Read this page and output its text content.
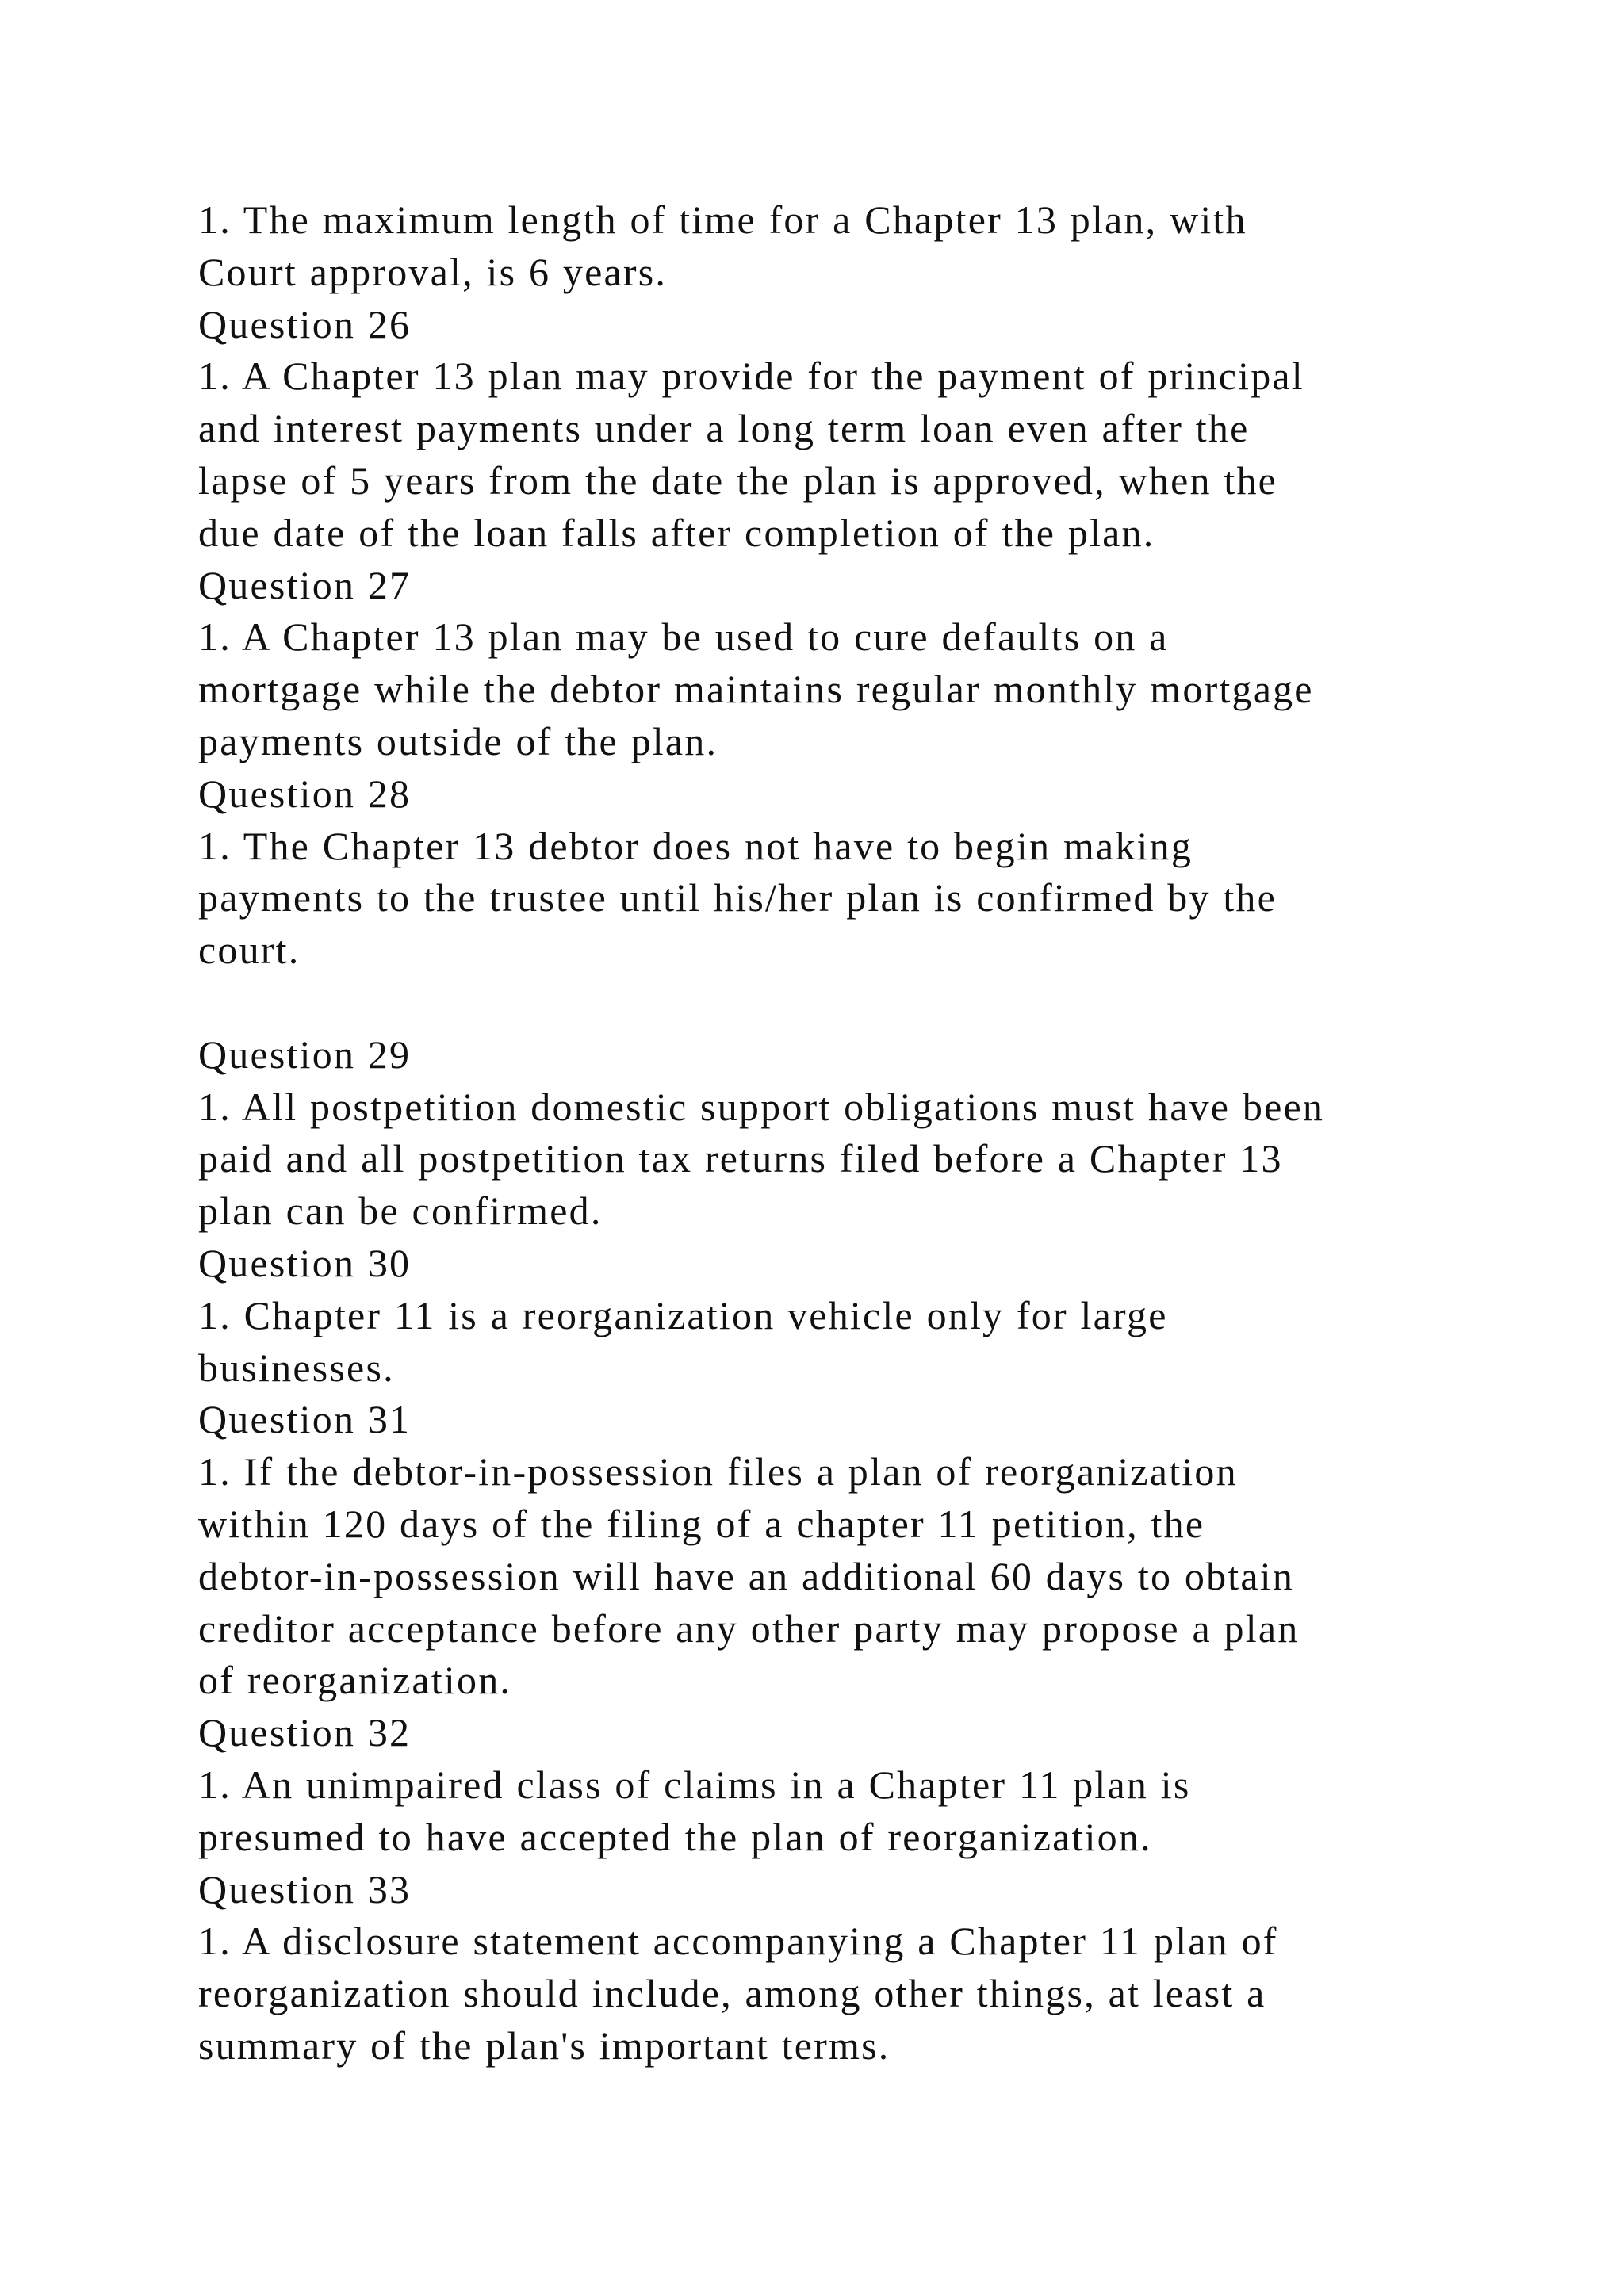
1. The maximum length of time for a Chapter 13 plan, with
Court approval, is 6 years.
Question 26
1. A Chapter 13 plan may provide for the payment of principal
and interest payments under a long term loan even after the
lapse of 5 years from the date the plan is approved, when the
due date of the loan falls after completion of the plan.
Question 27
1. A Chapter 13 plan may be used to cure defaults on a
mortgage while the debtor maintains regular monthly mortgage
payments outside of the plan.
Question 28
1. The Chapter 13 debtor does not have to begin making
payments to the trustee until his/her plan is confirmed by the
court.
Question 29
1. All postpetition domestic support obligations must have been
paid and all postpetition tax returns filed before a Chapter 13
plan can be confirmed.
Question 30
1. Chapter 11 is a reorganization vehicle only for large
businesses.
Question 31
1. If the debtor-in-possession files a plan of reorganization
within 120 days of the filing of a chapter 11 petition, the
debtor-in-possession will have an additional 60 days to obtain
creditor acceptance before any other party may propose a plan
of reorganization.
Question 32
1. An unimpaired class of claims in a Chapter 11 plan is
presumed to have accepted the plan of reorganization.
Question 33
1. A disclosure statement accompanying a Chapter 11 plan of
reorganization should include, among other things, at least a
summary of the plan's important terms.
